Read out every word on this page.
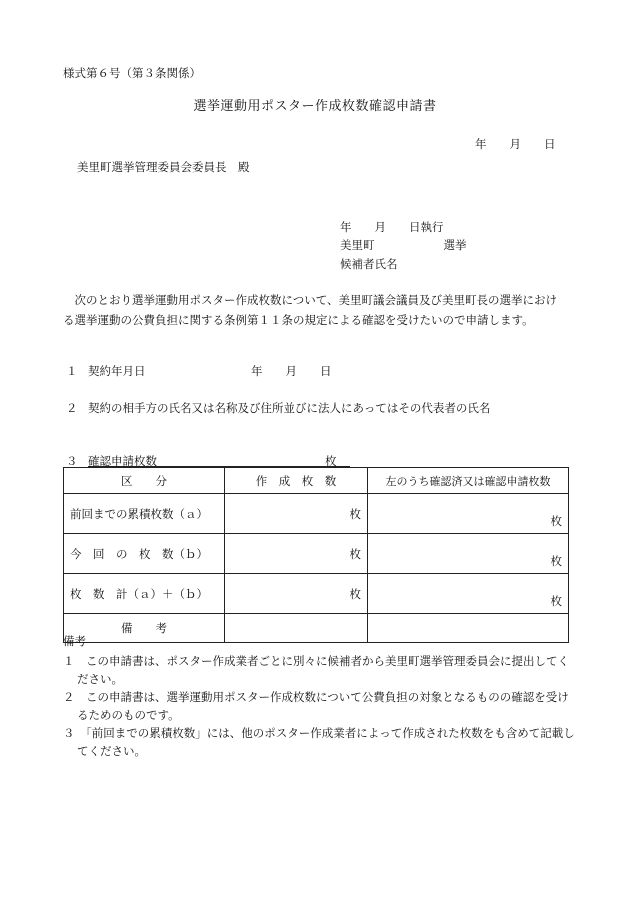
様式第６号（第３条関係）
選挙運動用ポスター作成枚数確認申請書
年　　月　　日
美里町選挙管理委員会委員長　殿
年　　月　　日執行
美里町　　　　　　選挙
候補者氏名
次のとおり選挙運動用ポスター作成枚数について、美里町議会議員及び美里町長の選挙における選挙運動の公費負担に関する条例第１１条の規定による確認を受けたいので申請します。
１ 契約年月日	年　　月　　日
２ 契約の相手方の氏名又は名称及び住所並びに法人にあってはその代表者の氏名
３ 確認申請枚数	枚
区　　分	作　成　枚　数	左のうち確認済又は確認申請枚数
前回までの累積枚数（ａ）	枚	枚
今　回　の　枚　数（ｂ）	枚	枚
枚　数　計（ａ）＋（ｂ）	枚	枚
備　　考		
備考
１　 この申請書は、ポスター作成業者ごとに別々に候補者から美里町選挙管理委員会に提出してください。
２　 この申請書は、選挙運動用ポスター作成枚数について公費負担の対象となるものの確認を受けるためのものです。
３　 「前回までの累積枚数」には、他のポスター作成業者によって作成された枚数をも含めて記載してください。
